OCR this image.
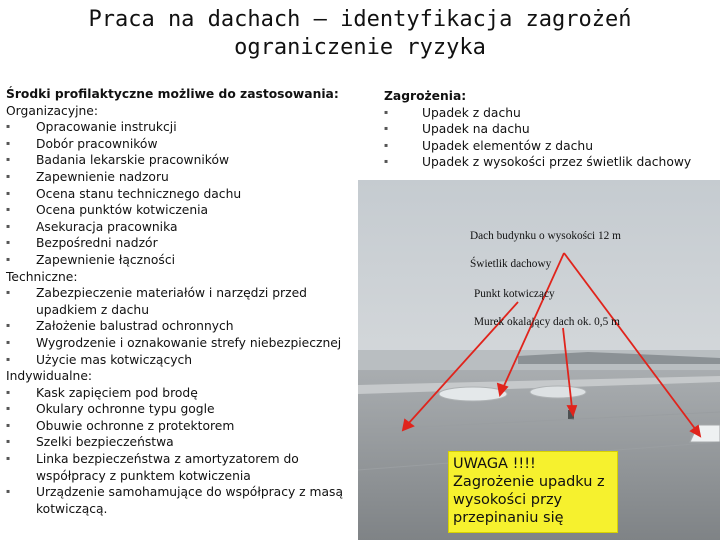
Praca na dachach – identyfikacja zagrożeń
ograniczenie ryzyka
Środki profilaktyczne możliwe do zastosowania:
Organizacyjne:
▪ Opracowanie instrukcji
▪ Dobór pracowników
▪ Badania lekarskie pracowników
▪ Zapewnienie nadzoru
▪ Ocena stanu technicznego dachu
▪ Ocena punktów kotwiczenia
▪ Asekuracja pracownika
▪ Bezpośredni nadzór
▪ Zapewnienie łączności
Techniczne:
▪ Zabezpieczenie materiałów i narzędzi przed upadkiem z dachu
▪ Założenie balustrad ochronnych
▪ Wygrodzenie i oznakowanie strefy niebezpiecznej
▪ Użycie mas kotwiczących
Indywidualne:
▪ Kask zapięciem pod brodę
▪ Okulary ochronne typu gogle
▪ Obuwie ochronne z protektorem
▪ Szelki bezpieczeństwa
▪ Linka bezpieczeństwa z amortyzatorem do współpracy z punktem kotwiczenia
▪ Urządzenie samohamujące do współpracy z masą kotwiczącą.
Zagrożenia:
▪ Upadek z dachu
▪ Upadek na dachu
▪ Upadek elementów z dachu
▪ Upadek z wysokości przez świetlik dachowy
Dach budynku o wysokości 12 m
Świetlik dachowy
Punkt kotwiczący
Murek okalający dach ok. 0,5 m
UWAGA !!!!
Zagrożenie upadku z wysokości przy przepinaniu się
